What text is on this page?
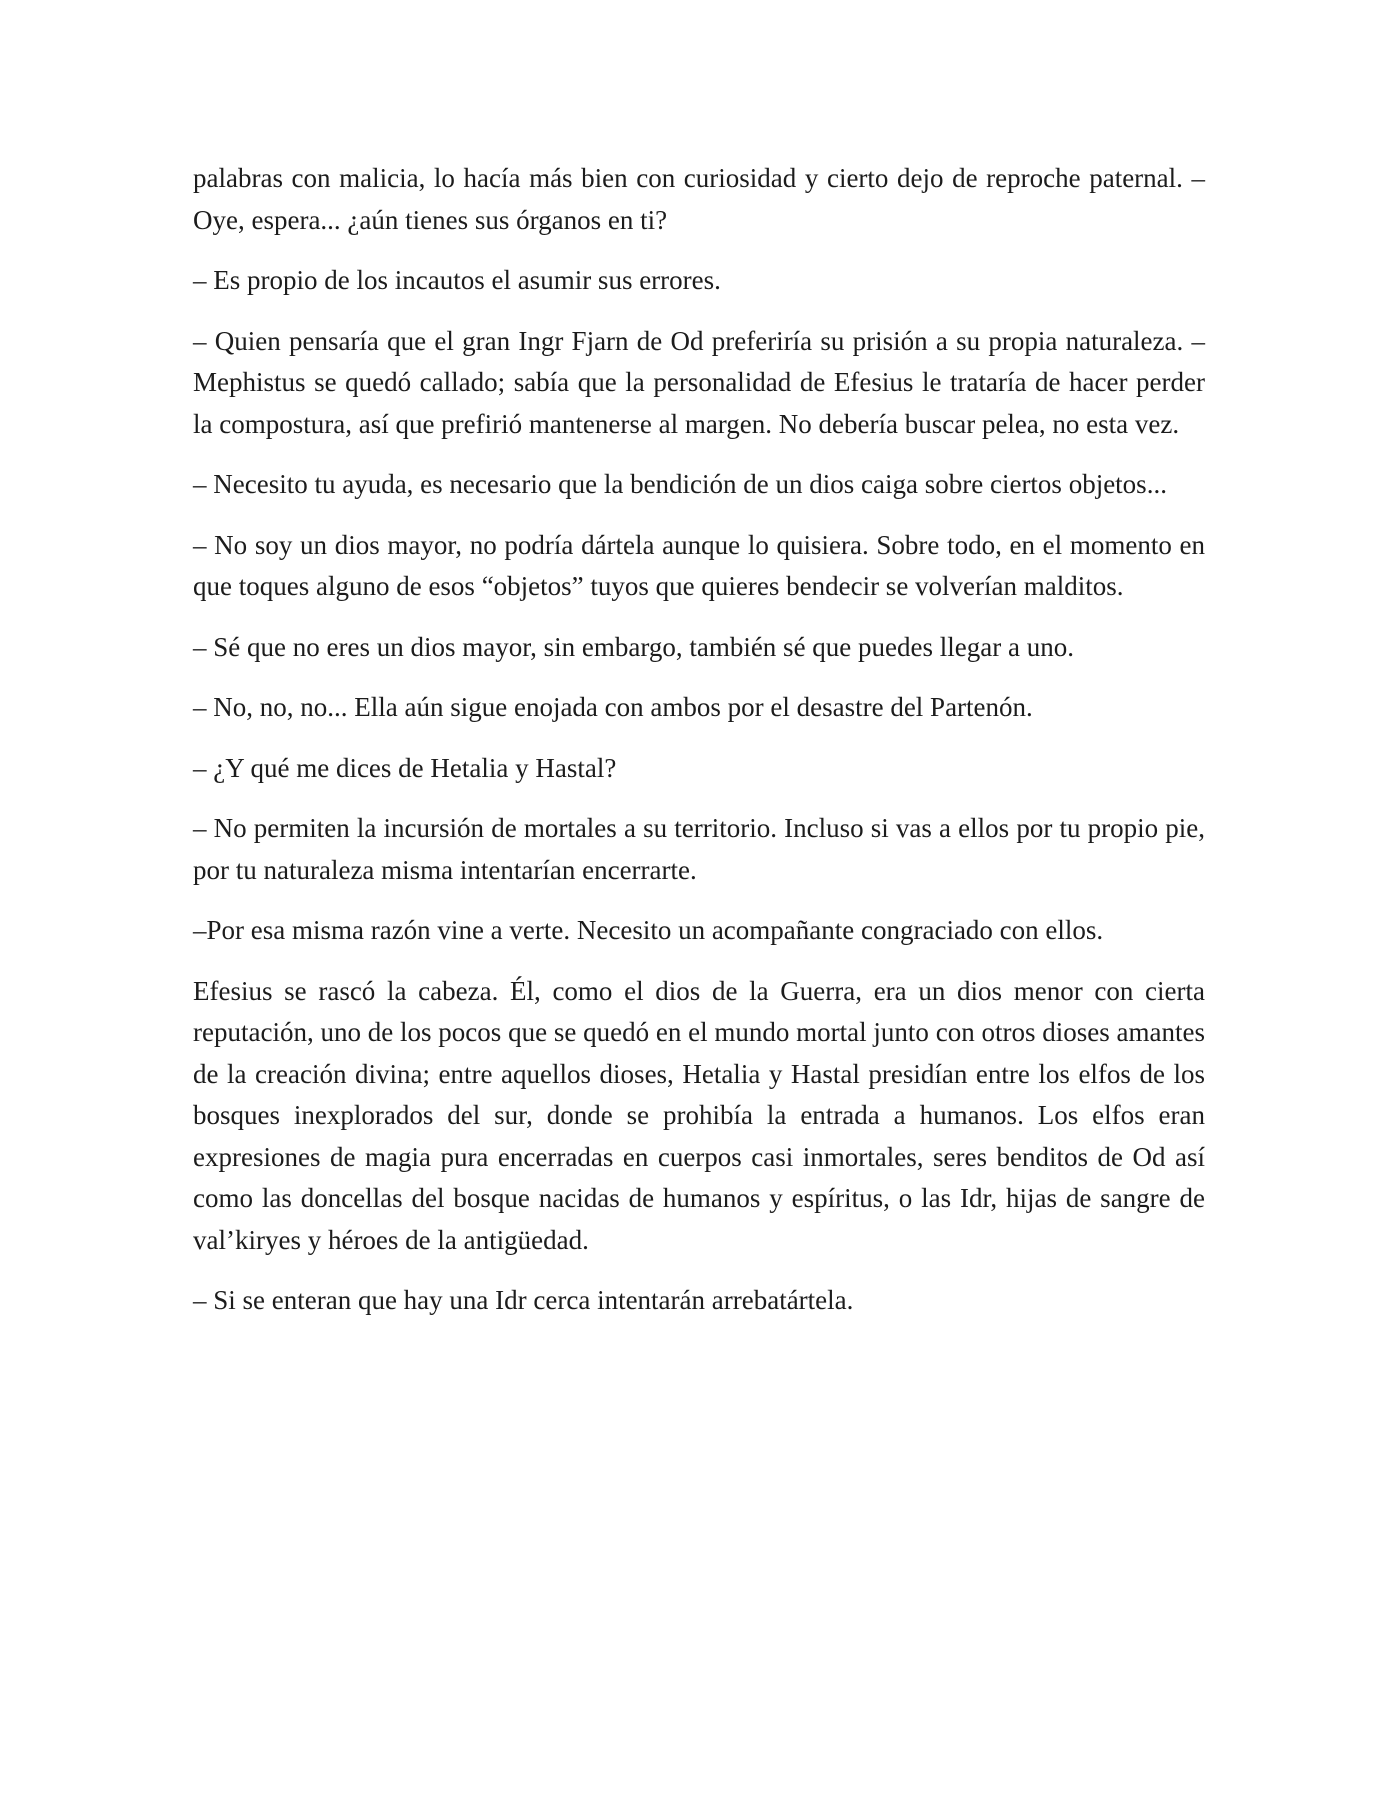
palabras con malicia, lo hacía más bien con curiosidad y cierto dejo de reproche paternal. –Oye, espera... ¿aún tienes sus órganos en ti?

– Es propio de los incautos el asumir sus errores.

– Quien pensaría que el gran Ingr Fjarn de Od preferiría su prisión a su propia naturaleza. –Mephistus se quedó callado; sabía que la personalidad de Efesius le trataría de hacer perder la compostura, así que prefirió mantenerse al margen. No debería buscar pelea, no esta vez.

– Necesito tu ayuda, es necesario que la bendición de un dios caiga sobre ciertos objetos...

– No soy un dios mayor, no podría dártela aunque lo quisiera. Sobre todo, en el momento en que toques alguno de esos “objetos” tuyos que quieres bendecir se volverían malditos.

– Sé que no eres un dios mayor, sin embargo, también sé que puedes llegar a uno.

– No, no, no... Ella aún sigue enojada con ambos por el desastre del Partenón.

– ¿Y qué me dices de Hetalia y Hastal?

– No permiten la incursión de mortales a su territorio. Incluso si vas a ellos por tu propio pie, por tu naturaleza misma intentarían encerrarte.

–Por esa misma razón vine a verte. Necesito un acompañante congraciado con ellos.

Efesius se rascó la cabeza. Él, como el dios de la Guerra, era un dios menor con cierta reputación, uno de los pocos que se quedó en el mundo mortal junto con otros dioses amantes de la creación divina; entre aquellos dioses, Hetalia y Hastal presidían entre los elfos de los bosques inexplorados del sur, donde se prohibía la entrada a humanos. Los elfos eran expresiones de magia pura encerradas en cuerpos casi inmortales, seres benditos de Od así como las doncellas del bosque nacidas de humanos y espíritus, o las Idr, hijas de sangre de val’kiryes y héroes de la antigüedad.

– Si se enteran que hay una Idr cerca intentarán arrebatártela.
